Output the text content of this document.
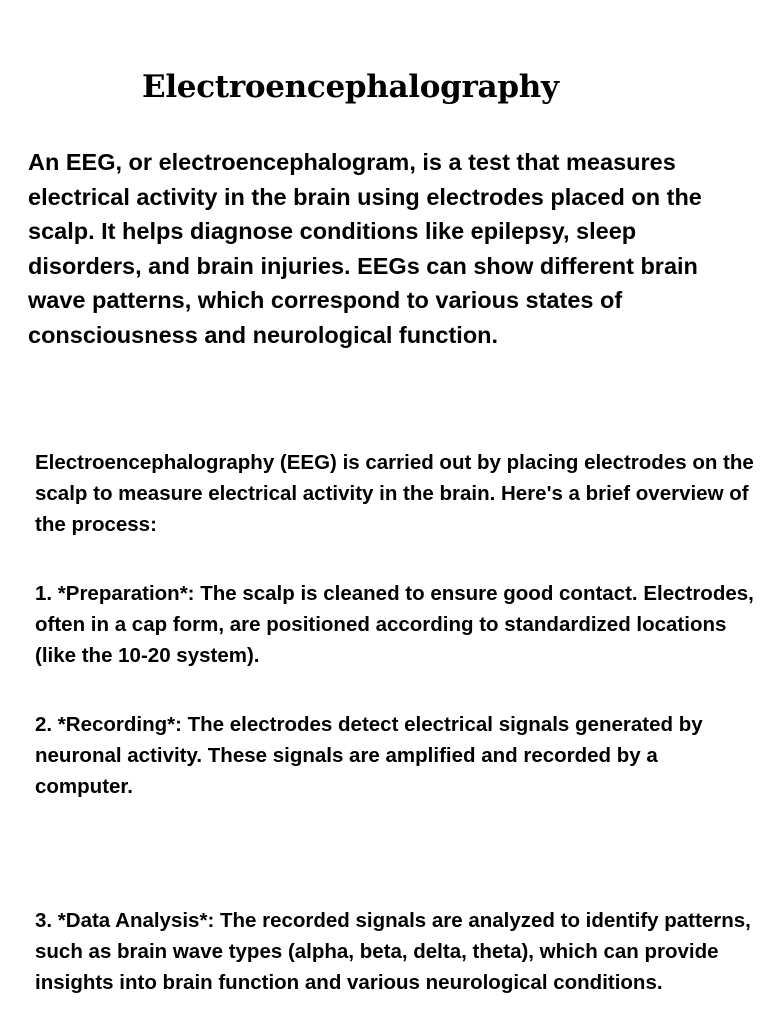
Electroencephalography

An EEG, or electroencephalogram, is a test that measures electrical activity in the brain using electrodes placed on the scalp. It helps diagnose conditions like epilepsy, sleep disorders, and brain injuries. EEGs can show different brain wave patterns, which correspond to various states of consciousness and neurological function.

Electroencephalography (EEG) is carried out by placing electrodes on the scalp to measure electrical activity in the brain. Here's a brief overview of the process:

1. *Preparation*: The scalp is cleaned to ensure good contact. Electrodes, often in a cap form, are positioned according to standardized locations (like the 10-20 system).

2. *Recording*: The electrodes detect electrical signals generated by neuronal activity. These signals are amplified and recorded by a computer.

3. *Data Analysis*: The recorded signals are analyzed to identify patterns, such as brain wave types (alpha, beta, delta, theta), which can provide insights into brain function and various neurological conditions.
